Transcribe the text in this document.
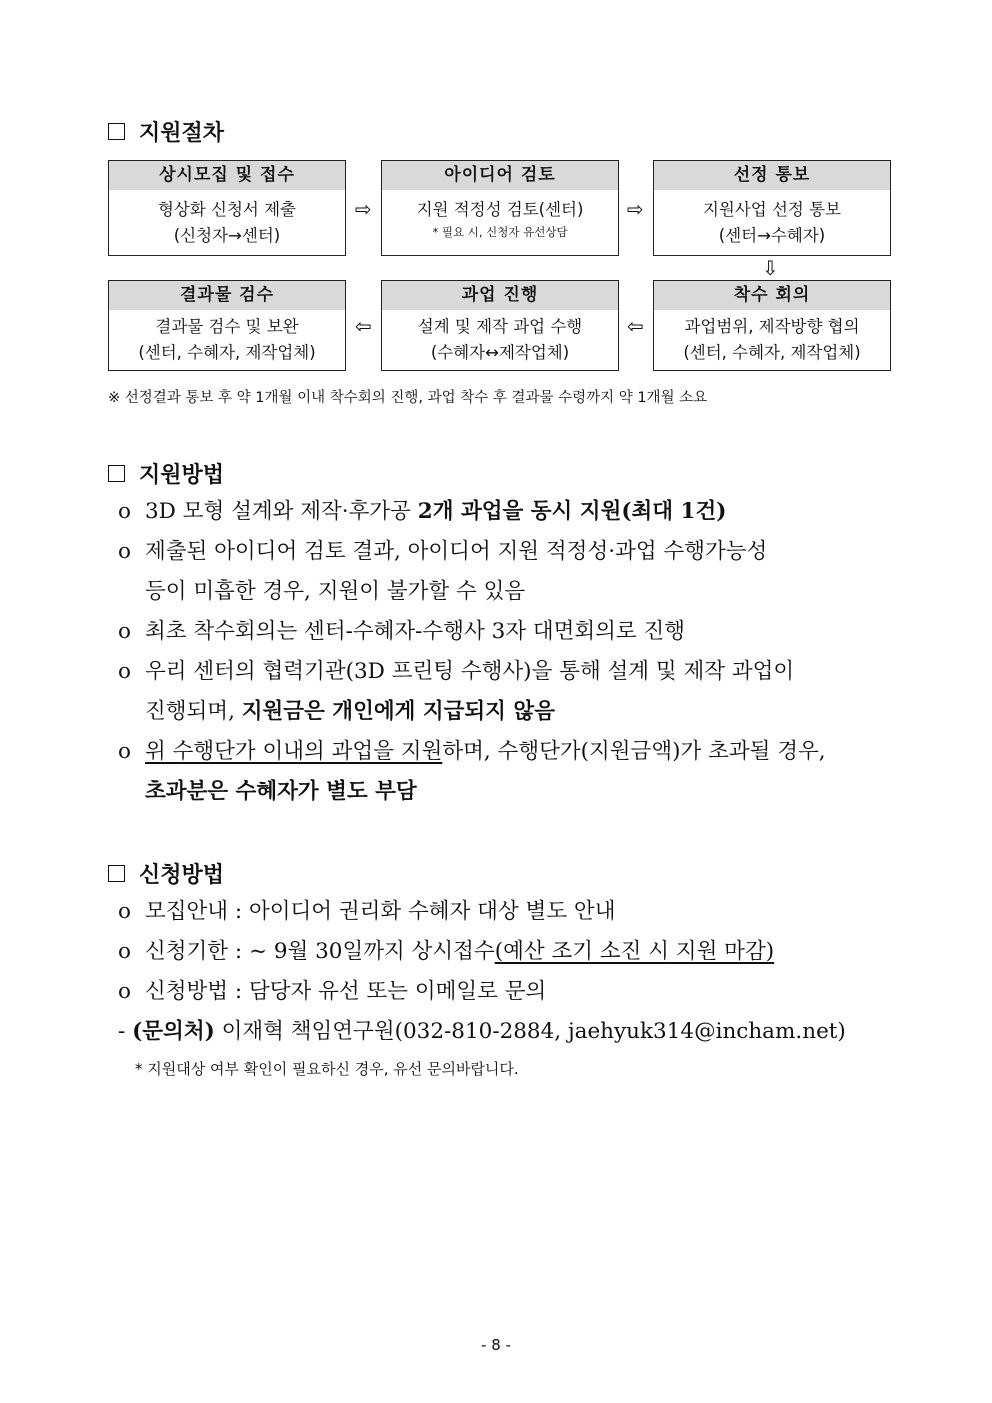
지원절차
상시모집 및 접수
형상화 신청서 제출
(신청자→센터)
⇨
아이디어 검토
지원 적정성 검토(센터)
* 필요 시, 신청자 유선상담
⇨
선정 통보
지원사업 선정 통보
(센터→수혜자)
⇩
결과물 검수
결과물 검수 및 보완
(센터, 수혜자, 제작업체)
⇦
과업 진행
설계 및 제작 과업 수행
(수혜자↔제작업체)
⇦
착수 회의
과업범위, 제작방향 협의
(센터, 수혜자, 제작업체)
※ 선정결과 통보 후 약 1개월 이내 착수회의 진행, 과업 착수 후 결과물 수령까지 약 1개월 소요
지원방법
o 3D 모형 설계와 제작·후가공 2개 과업을 동시 지원(최대 1건)
o 제출된 아이디어 검토 결과, 아이디어 지원 적정성·과업 수행가능성
등이 미흡한 경우, 지원이 불가할 수 있음
o 최초 착수회의는 센터-수혜자-수행사 3자 대면회의로 진행
o 우리 센터의 협력기관(3D 프린팅 수행사)을 통해 설계 및 제작 과업이
진행되며, 지원금은 개인에게 지급되지 않음
o 위 수행단가 이내의 과업을 지원하며, 수행단가(지원금액)가 초과될 경우,
초과분은 수혜자가 별도 부담
신청방법
o 모집안내 : 아이디어 권리화 수혜자 대상 별도 안내
o 신청기한 : ~ 9월 30일까지 상시접수(예산 조기 소진 시 지원 마감)
o 신청방법 : 담당자 유선 또는 이메일로 문의
- (문의처) 이재혁 책임연구원(032-810-2884, jaehyuk314@incham.net)
* 지원대상 여부 확인이 필요하신 경우, 유선 문의바랍니다.
- 8 -
